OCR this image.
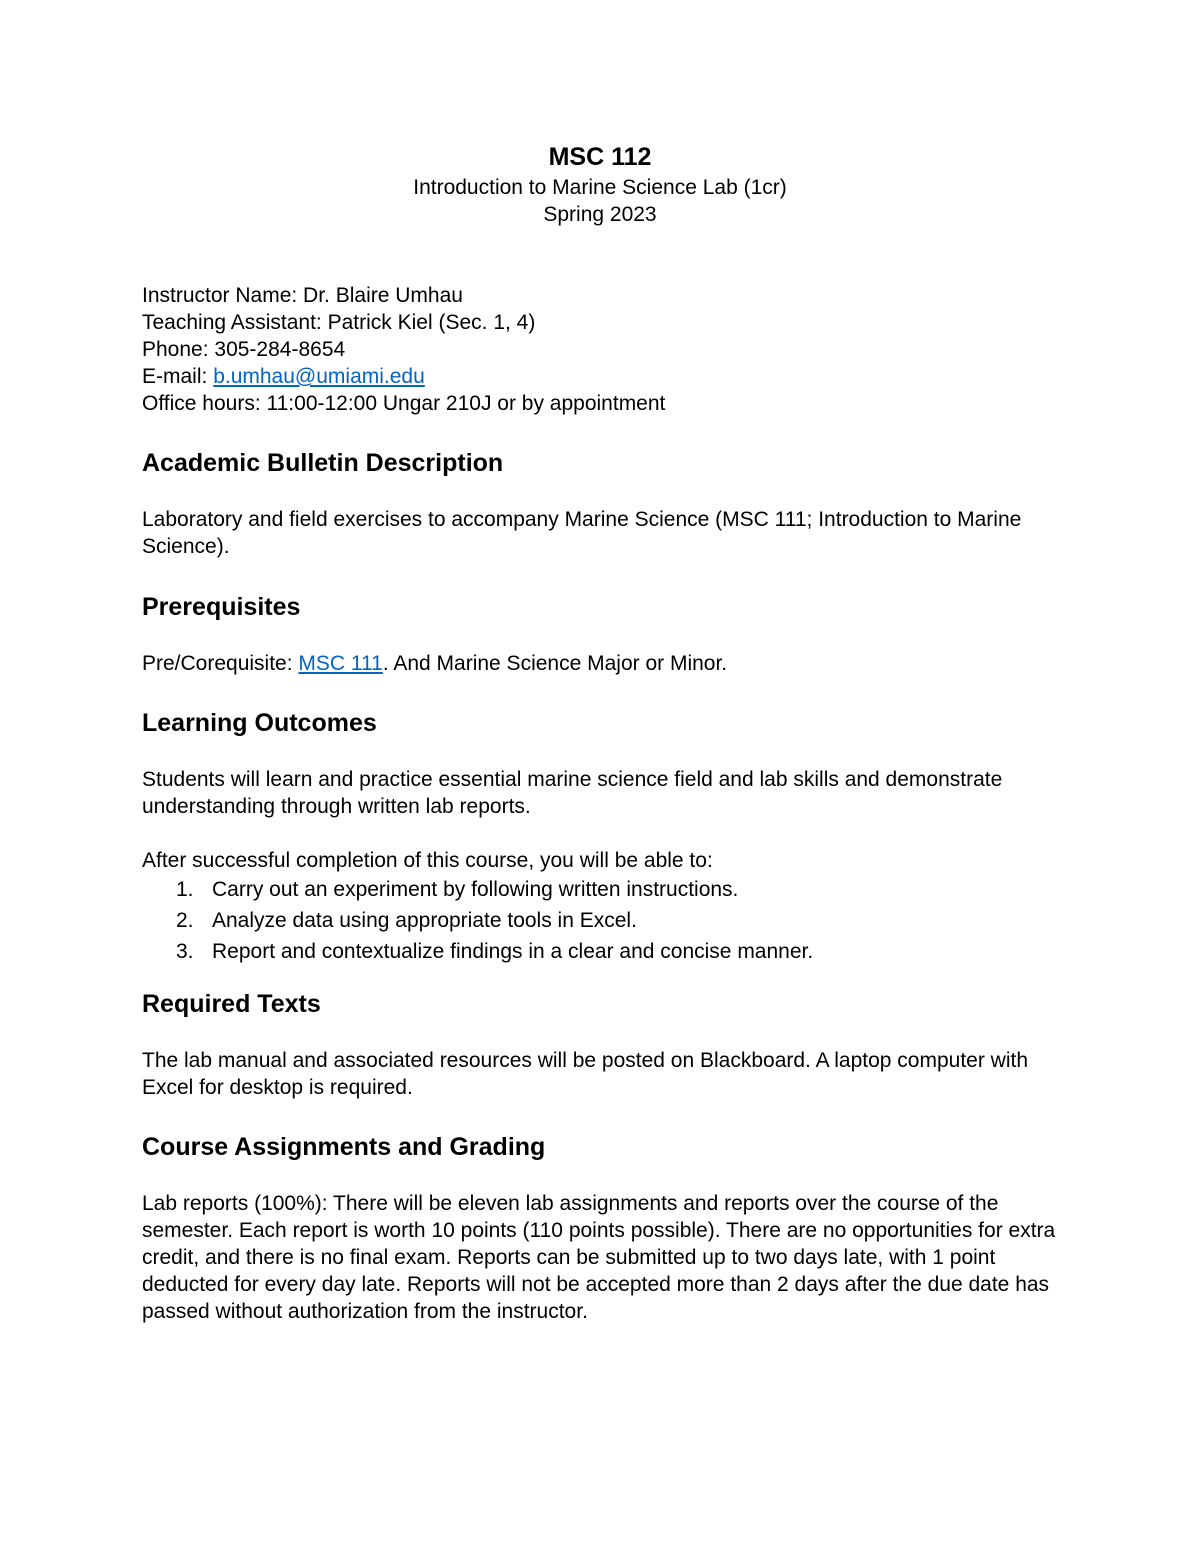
MSC 112

Introduction to Marine Science Lab (1cr)

Spring 2023

Instructor Name: Dr. Blaire Umhau

Teaching Assistant: Patrick Kiel (Sec. 1, 4)

Phone: 305-284-8654

E-mail: b.umhau@umiami.edu

Office hours: 11:00-12:00 Ungar 210J or by appointment

Academic Bulletin Description

Laboratory and field exercises to accompany Marine Science (MSC 111; Introduction to Marine Science).

Prerequisites

Pre/Corequisite: MSC 111. And Marine Science Major or Minor.

Learning Outcomes

Students will learn and practice essential marine science field and lab skills and demonstrate understanding through written lab reports.

After successful completion of this course, you will be able to:

1. Carry out an experiment by following written instructions.
2. Analyze data using appropriate tools in Excel.
3. Report and contextualize findings in a clear and concise manner.
Required Texts

The lab manual and associated resources will be posted on Blackboard. A laptop computer with Excel for desktop is required.

Course Assignments and Grading

Lab reports (100%): There will be eleven lab assignments and reports over the course of the semester. Each report is worth 10 points (110 points possible). There are no opportunities for extra credit, and there is no final exam. Reports can be submitted up to two days late, with 1 point deducted for every day late. Reports will not be accepted more than 2 days after the due date has passed without authorization from the instructor.
